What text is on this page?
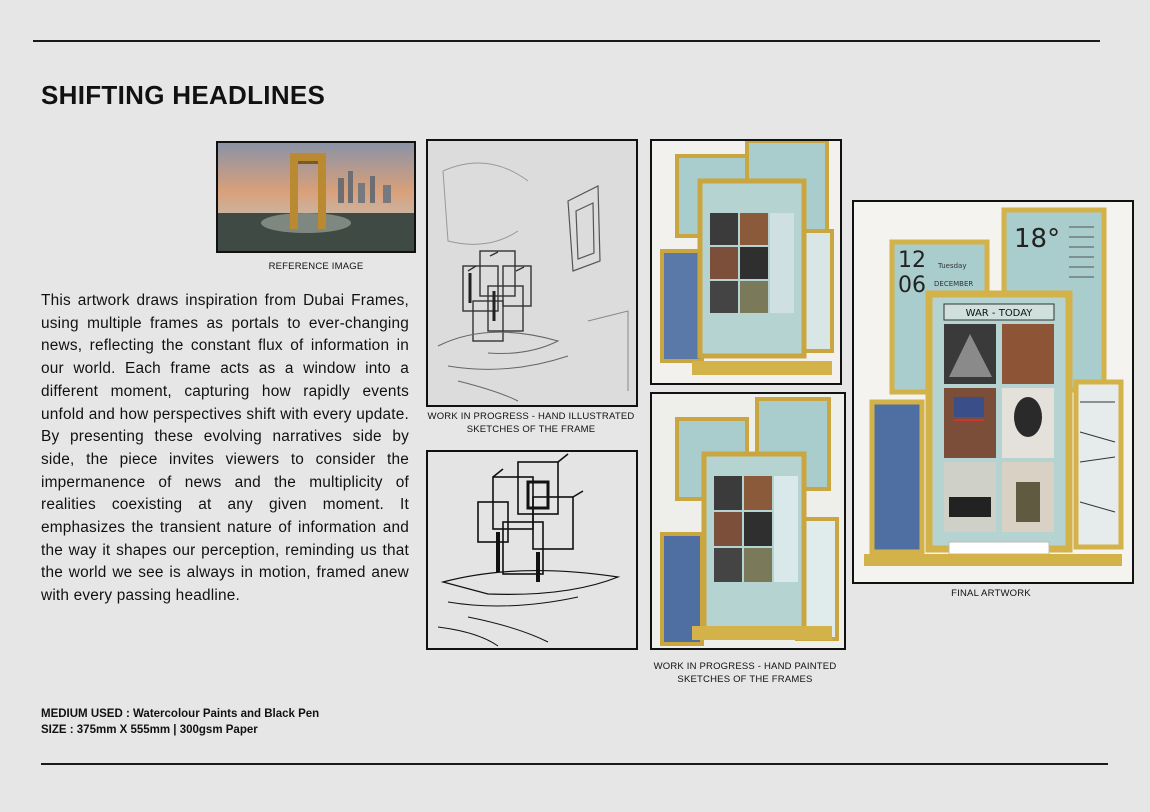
SHIFTING HEADLINES
REFERENCE IMAGE

This artwork draws inspiration from Dubai Frames, using multiple frames as portals to ever-changing news, reflecting the constant flux of information in our world. Each frame acts as a window into a different moment, capturing how rapidly events unfold and how perspectives shift with every update. By presenting these evolving narratives side by side, the piece invites viewers to consider the impermanence of news and the multiplicity of realities coexisting at any given moment. It emphasizes the transient nature of information and the way it shapes our perception, reminding us that the world we see is always in motion, framed anew with every passing headline.

WORK IN PROGRESS - HAND ILLUSTRATED SKETCHES OF THE FRAME
WORK IN PROGRESS - HAND PAINTED SKETCHES OF THE FRAMES
12
06
Tuesday
DECEMBER
18°
WAR - TODAY
FINAL ARTWORK
MEDIUM USED : Watercolour Paints and Black Pen
SIZE : 375mm X 555mm | 300gsm Paper
